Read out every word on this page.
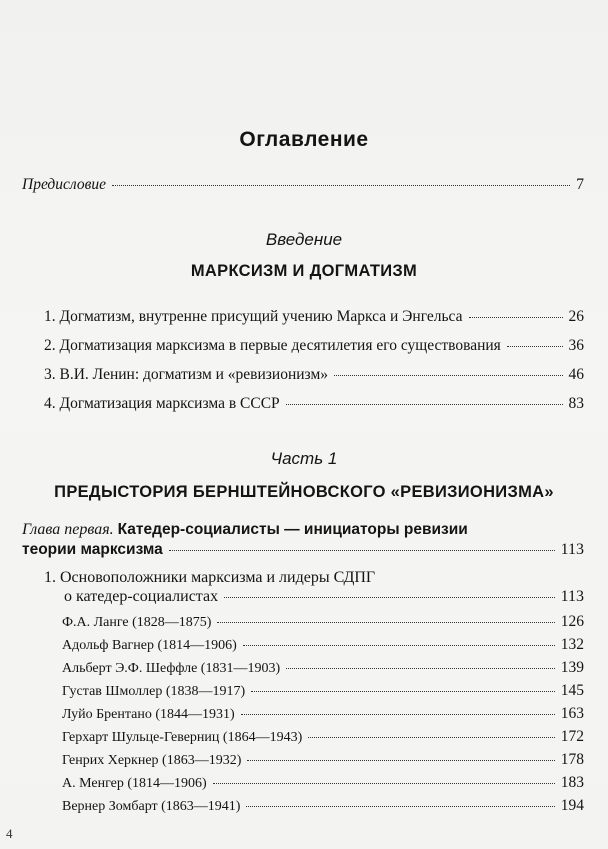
Оглавление
Предисловие	7
Введение
МАРКСИЗМ И ДОГМАТИЗМ
1. Догматизм, внутренне присущий учению Маркса и Энгельса	26
2. Догматизация марксизма в первые десятилетия его существования	36
3. В.И. Ленин: догматизм и «ревизионизм»	46
4. Догматизация марксизма в СССР	83
Часть 1
ПРЕДЫСТОРИЯ БЕРНШТЕЙНОВСКОГО «РЕВИЗИОНИЗМА»
Глава первая. Катедер-социалисты — инициаторы ревизии
теории марксизма	113
1. Основоположники марксизма и лидеры СДПГ
о катедер-социалистах	113
Ф.А. Ланге (1828—1875)	126
Адольф Вагнер (1814—1906)	132
Альберт Э.Ф. Шеффле (1831—1903)	139
Густав Шмоллер (1838—1917)	145
Луйо Брентано (1844—1931)	163
Герхарт Шульце-Геверниц (1864—1943)	172
Генрих Херкнер (1863—1932)	178
А. Менгер (1814—1906)	183
Вернер Зомбарт (1863—1941)	194
4
